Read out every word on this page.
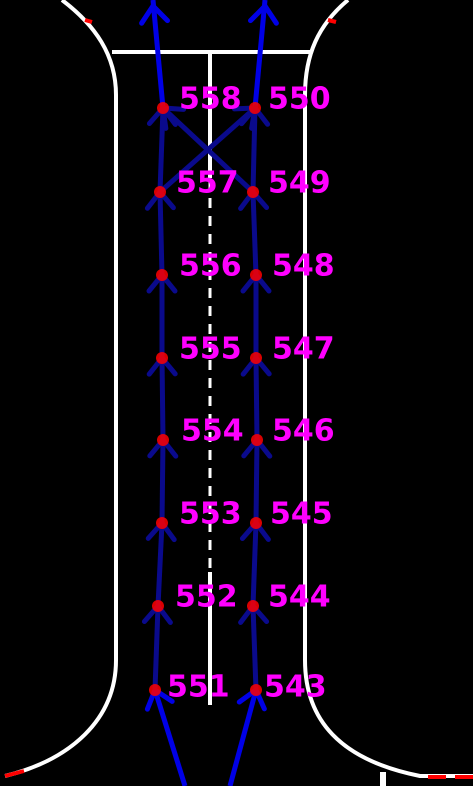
543
544
545
546
547
548
549
550
551
552
553
554
555
556
557
558
